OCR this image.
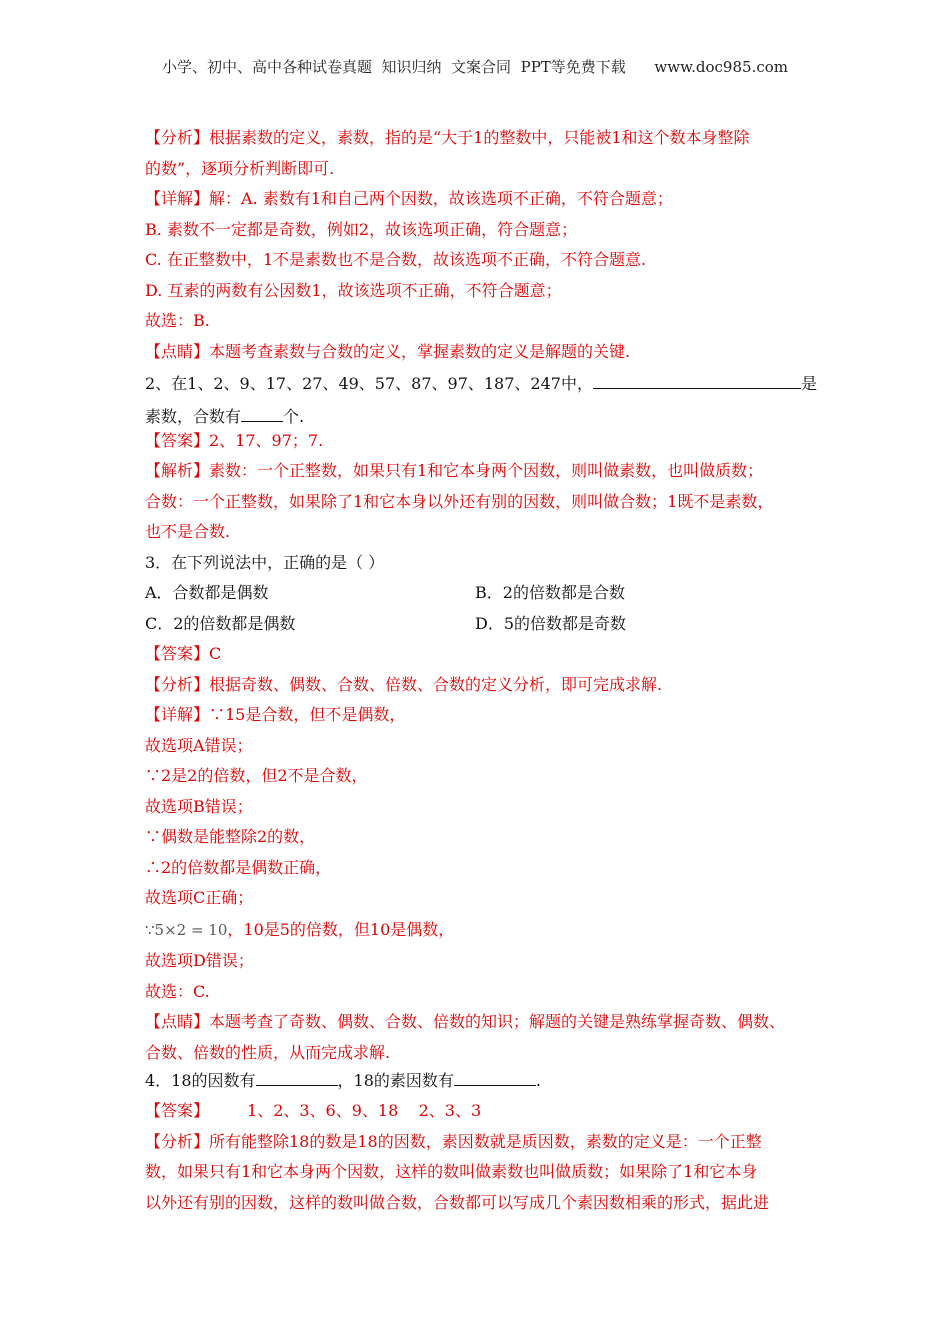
小学、初中、高中各种试卷真题  知识归纳  文案合同  PPT等免费下载      www.doc985.com
【分析】根据素数的定义，素数，指的是“大于1的整数中，只能被1和这个数本身整除
的数”，逐项分析判断即可.
【详解】解：A. 素数有1和自己两个因数，故该选项不正确，不符合题意；
B. 素数不一定都是奇数，例如2，故该选项正确，符合题意；
C. 在正整数中，1不是素数也不是合数，故该选项不正确，不符合题意.
D. 互素的两数有公因数1，故该选项不正确，不符合题意；
故选：B.
【点睛】本题考查素数与合数的定义，掌握素数的定义是解题的关键.
2、在1、2、9、17、27、49、57、87、97、187、247中，	是
素数，合数有	个.
【答案】2、17、97；7.
【解析】素数：一个正整数，如果只有1和它本身两个因数，则叫做素数，也叫做质数；
合数：一个正整数，如果除了1和它本身以外还有别的因数，则叫做合数；1既不是素数，
也不是合数.
3．在下列说法中，正确的是（ ）
A．合数都是偶数	B．2的倍数都是合数
C．2的倍数都是偶数	D．5的倍数都是奇数
【答案】C
【分析】根据奇数、偶数、合数、倍数、合数的定义分析，即可完成求解.
【详解】∵15是合数，但不是偶数，
故选项A错误；
∵2是2的倍数，但2不是合数，
故选项B错误；
∵偶数是能整除2的数，
∴2的倍数都是偶数正确，
故选项C正确；
∵5×2 = 10，10是5的倍数，但10是偶数，
故选项D错误；
故选：C.
【点睛】本题考查了奇数、偶数、合数、倍数的知识；解题的关键是熟练掌握奇数、偶数、
合数、倍数的性质，从而完成求解.
4．18的因数有	，18的素因数有	.
【答案】 1、2、3、6、9、18    2、3、3
【分析】所有能整除18的数是18的因数，素因数就是质因数，素数的定义是：一个正整
数，如果只有1和它本身两个因数，这样的数叫做素数也叫做质数；如果除了1和它本身
以外还有别的因数，这样的数叫做合数，合数都可以写成几个素因数相乘的形式，据此进
